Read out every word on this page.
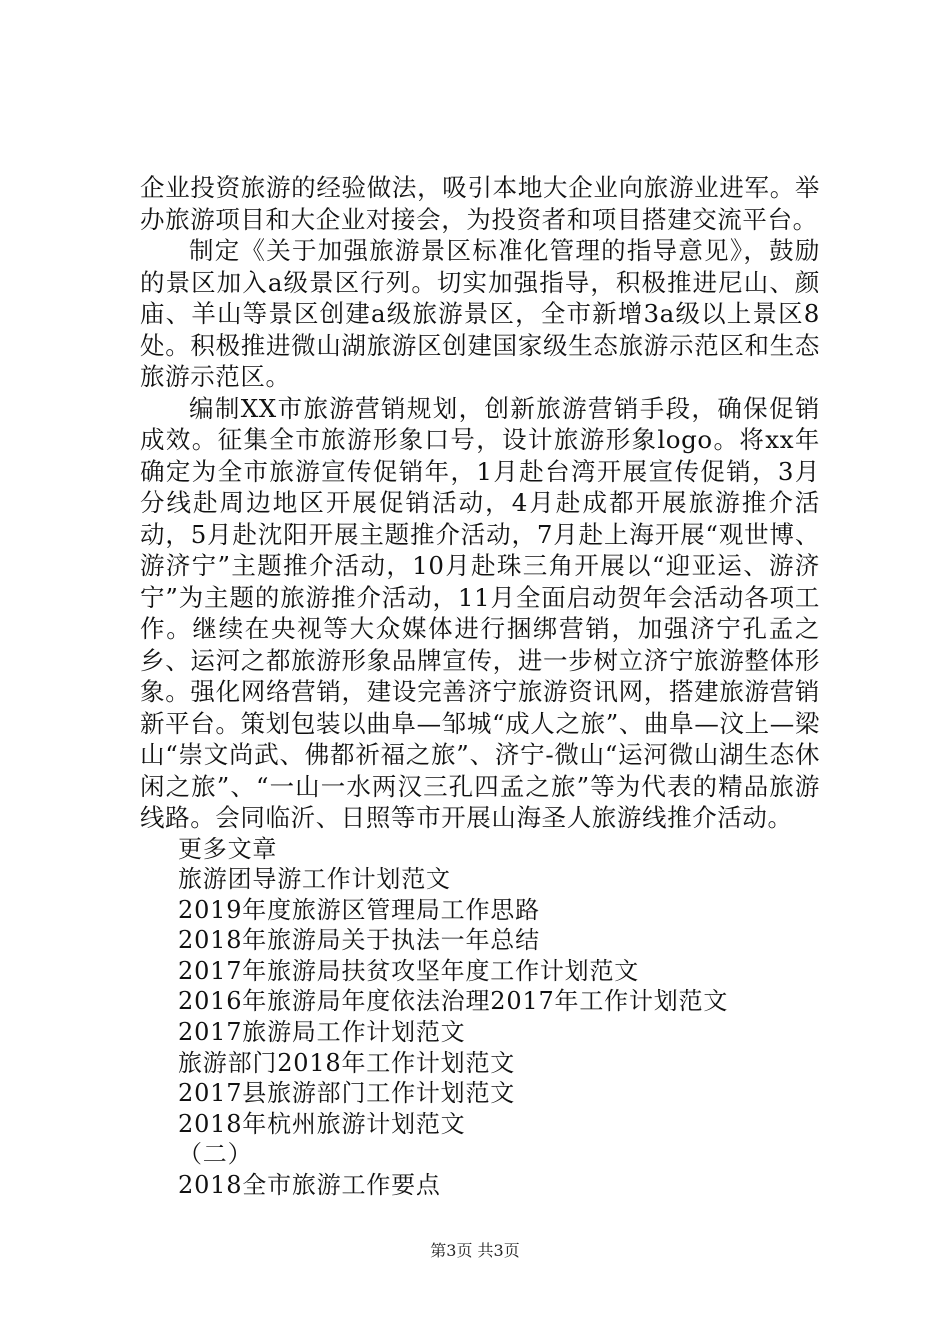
企业投资旅游的经验做法，吸引本地大企业向旅游业进军。举办旅游项目和大企业对接会，为投资者和项目搭建交流平台。

制定《关于加强旅游景区标准化管理的指导意见》，鼓励的景区加入a级景区行列。切实加强指导，积极推进尼山、颜庙、羊山等景区创建a级旅游景区，全市新增3a级以上景区8处。积极推进微山湖旅游区创建国家级生态旅游示范区和生态旅游示范区。

编制XX市旅游营销规划，创新旅游营销手段，确保促销成效。征集全市旅游形象口号，设计旅游形象logo。将xx年确定为全市旅游宣传促销年，1月赴台湾开展宣传促销，3月分线赴周边地区开展促销活动，4月赴成都开展旅游推介活动，5月赴沈阳开展主题推介活动，7月赴上海开展“观世博、游济宁”主题推介活动，10月赴珠三角开展以“迎亚运、游济宁”为主题的旅游推介活动，11月全面启动贺年会活动各项工作。继续在央视等大众媒体进行捆绑营销，加强济宁孔孟之乡、运河之都旅游形象品牌宣传，进一步树立济宁旅游整体形象。强化网络营销，建设完善济宁旅游资讯网，搭建旅游营销新平台。策划包装以曲阜—邹城“成人之旅”、曲阜—汶上—梁山“崇文尚武、佛都祈福之旅”、济宁-微山“运河微山湖生态休闲之旅”、“一山一水两汉三孔四孟之旅”等为代表的精品旅游线路。会同临沂、日照等市开展山海圣人旅游线推介活动。

更多文章

旅游团导游工作计划范文
2019年度旅游区管理局工作思路
2018年旅游局关于执法一年总结
2017年旅游局扶贫攻坚年度工作计划范文
2016年旅游局年度依法治理2017年工作计划范文
2017旅游局工作计划范文
旅游部门2018年工作计划范文
2017县旅游部门工作计划范文
2018年杭州旅游计划范文
（二）
2018全市旅游工作要点
第3页 共3页
